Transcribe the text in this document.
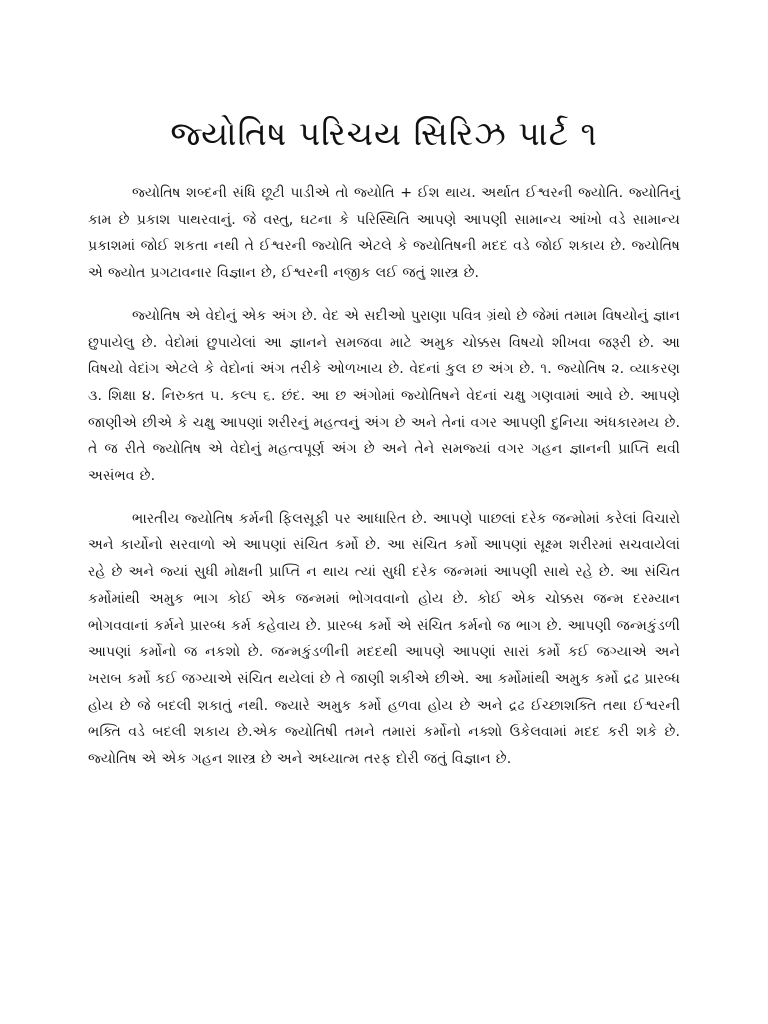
જ્યોતિષ પરિચય સિરિઝ પાર્ટ ૧

જ્યોતિષ શબ્દની સંધિ છૂટી પાડીએ તો જ્યોતિ + ઈશ થાય. અર્થાત ઈશ્વરની જ્યોતિ. જ્યોતિનું કામ છે પ્રકાશ પાથરવાનું. જે વસ્તુ, ઘટના કે પરિસ્થિતિ આપણે આપણી સામાન્ય આંખો વડે સામાન્ય પ્રકાશમાં જોઈ શકતા નથી તે ઈશ્વરની જ્યોતિ એટલે કે જ્યોતિષની મદદ વડે જોઈ શકાય છે. જ્યોતિષ એ જ્યોત પ્રગટાવનાર વિજ્ઞાન છે, ઈશ્વરની નજીક લઈ જતું શાસ્ત્ર છે.

જ્યોતિષ એ વેદોનું એક અંગ છે. વેદ એ સદીઓ પુરાણા પવિત્ર ગ્રંથો છે જેમાં તમામ વિષયોનું જ્ઞાન છુપાયેલુ છે. વેદોમાં છુપાયેલાં આ જ્ઞાનને સમજવા માટે અમુક ચોક્કસ વિષયો શીખવા જરૂરી છે. આ વિષયો વેદાંગ એટલે કે વેદોનાં અંગ તરીકે ઓળખાય છે. વેદનાં કુલ છ અંગ છે. ૧. જ્યોતિષ ૨. વ્યાકરણ ૩. શિક્ષા ૪. નિરુક્ત ૫. કલ્પ ૬. છંદ. આ છ અંગોમાં જ્યોતિષને વેદનાં ચક્ષુ ગણવામાં આવે છે. આપણે જાણીએ છીએ કે ચક્ષુ આપણાં શરીરનું મહત્વનું અંગ છે અને તેનાં વગર આપણી દુનિયા અંધકારમય છે. તે જ રીતે જ્યોતિષ એ વેદોનું મહત્વપૂર્ણ અંગ છે અને તેને સમજ્યાં વગર ગહન જ્ઞાનની પ્રાપ્તિ થવી અસંભવ છે.

ભારતીય જ્યોતિષ કર્મની ફિલસૂફી પર આધારિત છે. આપણે પાછલાં દરેક જન્મોમાં કરેલાં વિચારો અને કાર્યોનો સરવાળો એ આપણાં સંચિત કર્મો છે. આ સંચિત કર્મો આપણાં સૂક્ષ્મ શરીરમાં સચવાયેલાં રહે છે અને જ્યાં સુધી મોક્ષની પ્રાપ્તિ ન થાય ત્યાં સુધી દરેક જન્મમાં આપણી સાથે રહે છે. આ સંચિત કર્મોમાંથી અમુક ભાગ કોઈ એક જન્મમાં ભોગવવાનો હોય છે. કોઈ એક ચોક્કસ જન્મ દરમ્યાન ભોગવવાનાં કર્મને પ્રારબ્ધ કર્મ કહેવાય છે. પ્રારબ્ધ કર્મો એ સંચિત કર્મનો જ ભાગ છે. આપણી જન્મકુંડળી આપણાં કર્મોનો જ નકશો છે. જન્મકુંડળીની મદદથી આપણે આપણાં સારાં કર્મો કઈ જગ્યાએ અને ખરાબ કર્મો કઈ જગ્યાએ સંચિત થયેલાં છે તે જાણી શકીએ છીએ. આ કર્મોમાંથી અમુક કર્મો દ્રઢ પ્રારબ્ધ હોય છે જે બદલી શકાતું નથી. જ્યારે અમુક કર્મો હળવા હોય છે અને દ્રઢ ઈચ્છાશક્તિ તથા ઈશ્વરની ભક્તિ વડે બદલી શકાય છે.એક જ્યોતિષી તમને તમારાં કર્મોનો નક્શો ઉકેલવામાં મદદ કરી શકે છે. જ્યોતિષ એ એક ગહન શાસ્ત્ર છે અને અધ્યાત્મ તરફ દોરી જતું વિજ્ઞાન છે.
